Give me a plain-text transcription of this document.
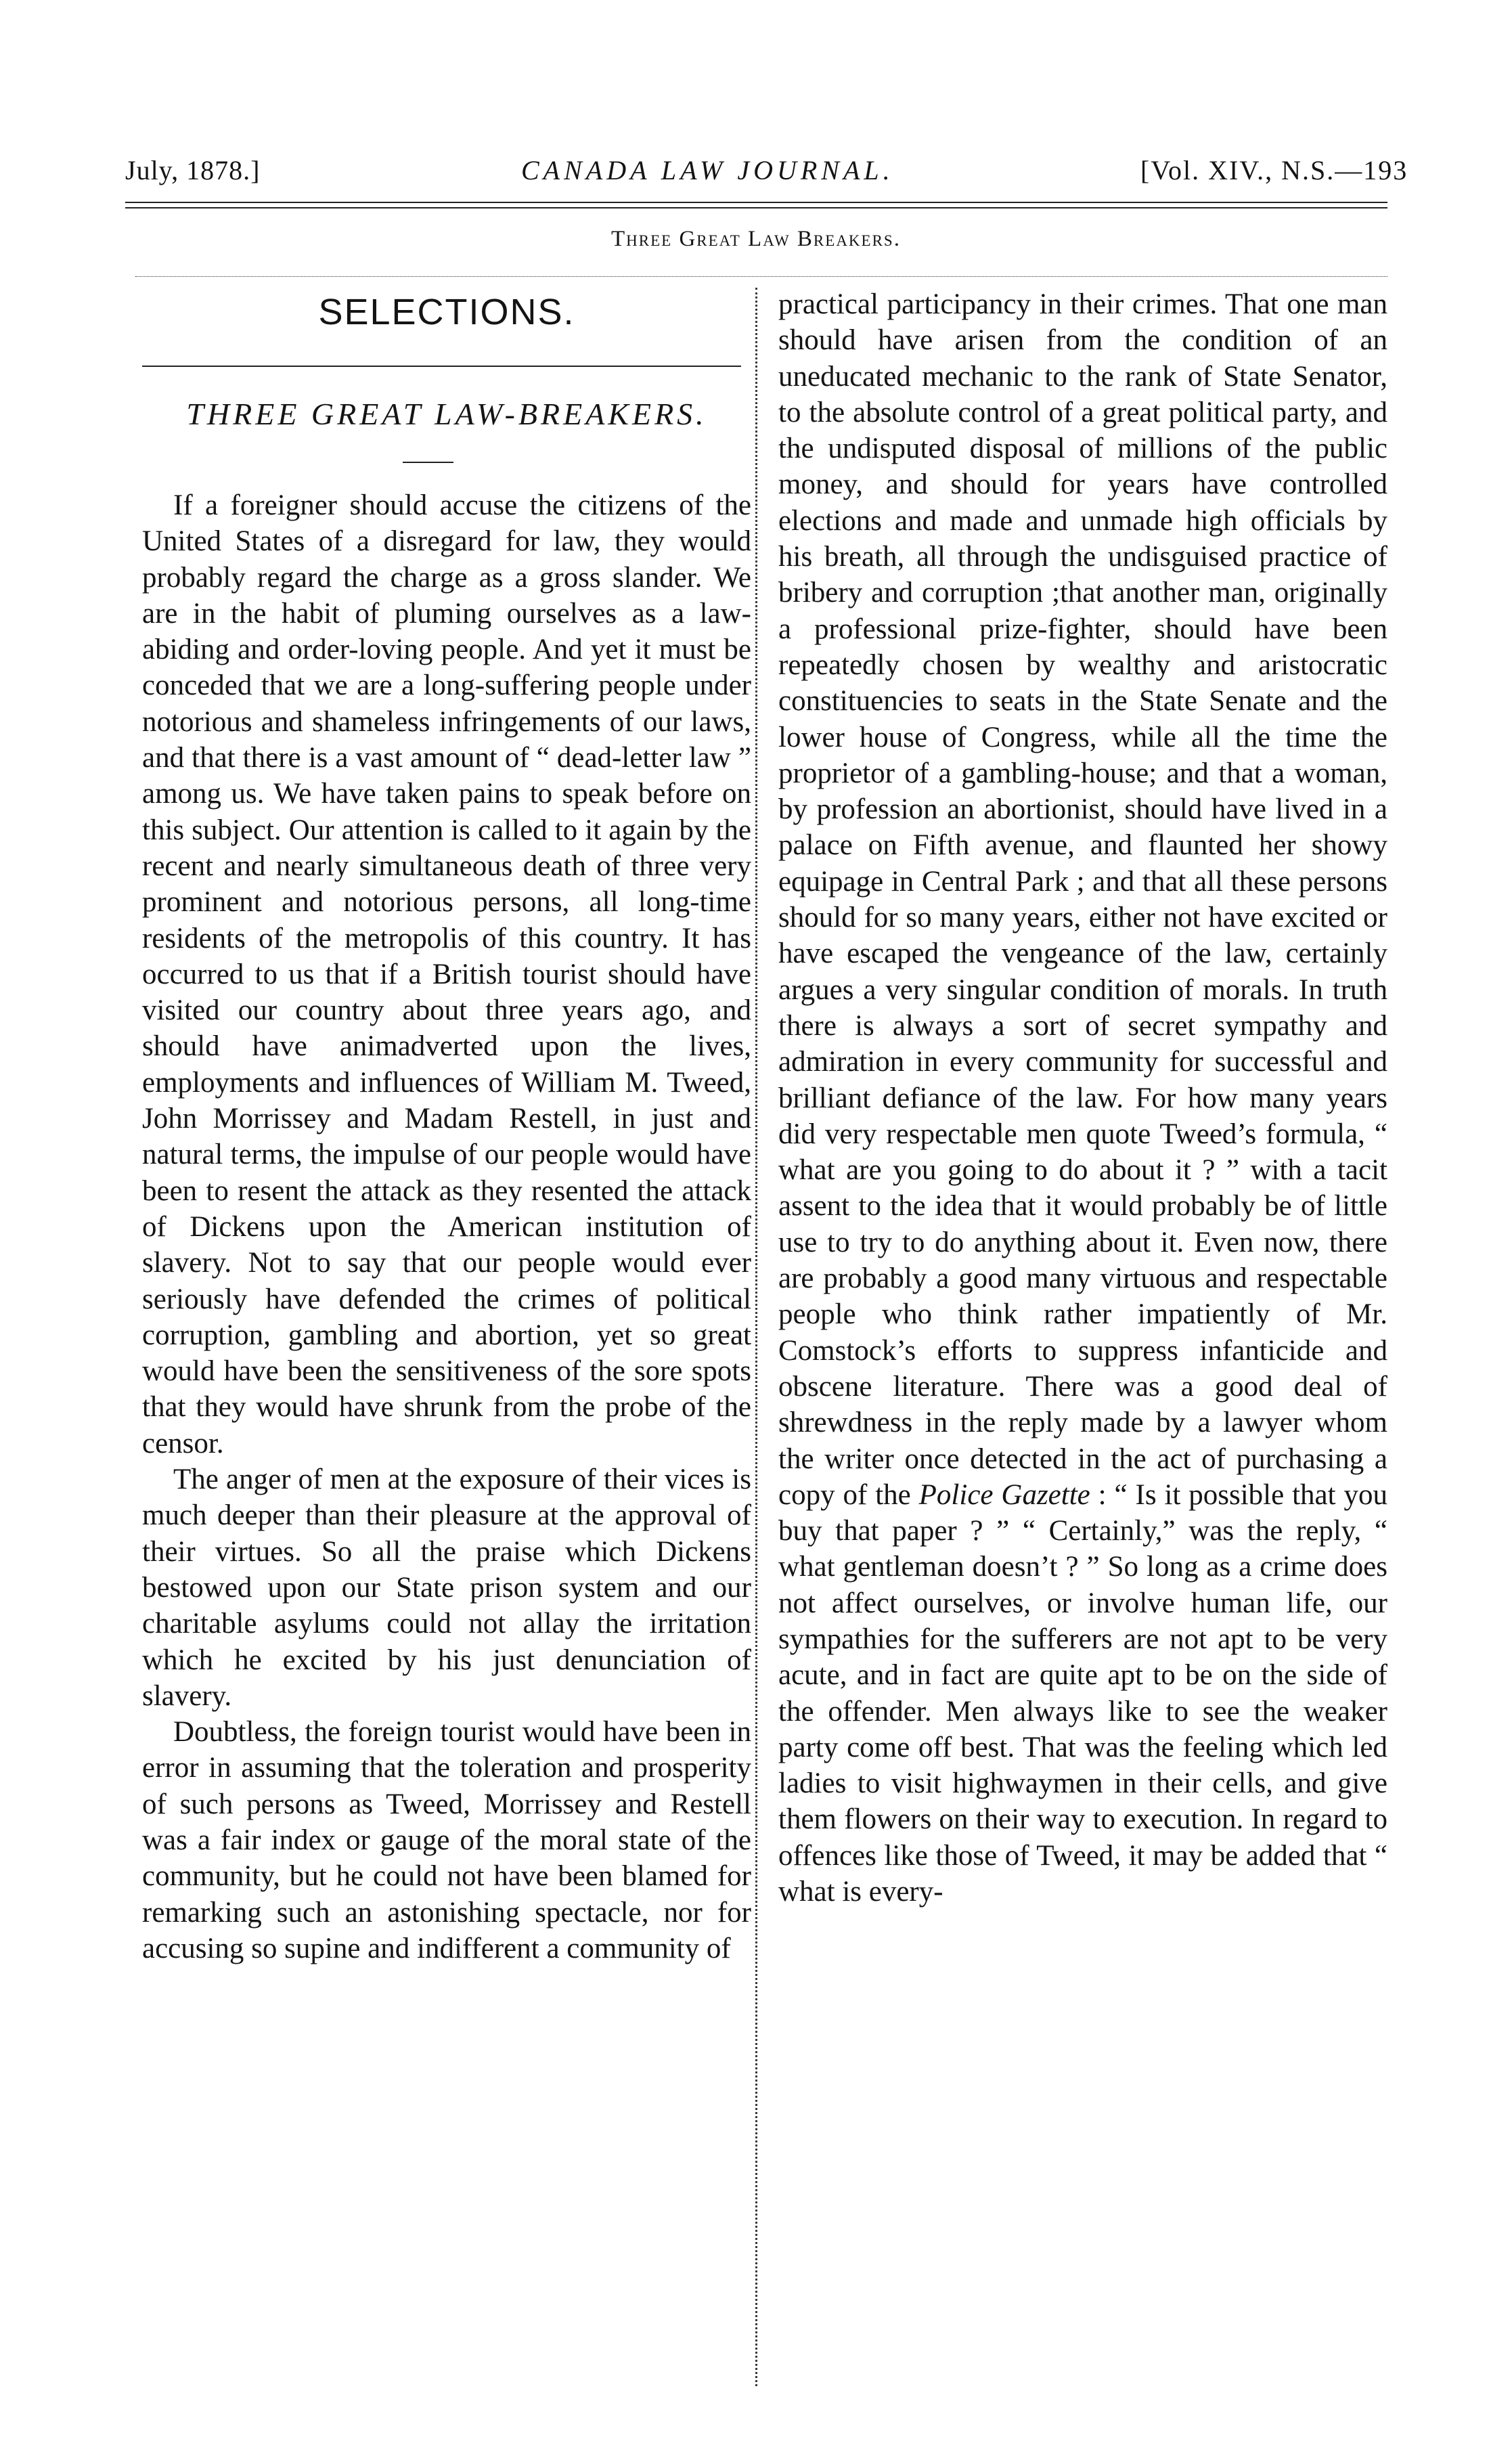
July, 1878.]	CANADA LAW JOURNAL.	[Vol. XIV., N.S.—193
Three Great Law Breakers.
SELECTIONS.
THREE GREAT LAW-BREAKERS.

If a foreigner should accuse the citizens of the United States of a disregard for law, they would probably regard the charge as a gross slander. We are in the habit of pluming ourselves as a law-abiding and order-loving people. And yet it must be conceded that we are a long-suffering people under notorious and shameless infringements of our laws, and that there is a vast amount of “ dead-letter law ” among us. We have taken pains to speak before on this subject. Our attention is called to it again by the recent and nearly simultaneous death of three very prominent and notorious persons, all long-time residents of the metropolis of this country. It has occurred to us that if a British tourist should have visited our country about three years ago, and should have animadverted upon the lives, employments and influences of William M. Tweed, John Morrissey and Madam Restell, in just and natural terms, the impulse of our people would have been to resent the attack as they resented the attack of Dickens upon the American institution of slavery. Not to say that our people would ever seriously have defended the crimes of political corruption, gambling and abortion, yet so great would have been the sensitiveness of the sore spots that they would have shrunk from the probe of the censor.

The anger of men at the exposure of their vices is much deeper than their pleasure at the approval of their virtues. So all the praise which Dickens bestowed upon our State prison system and our charitable asylums could not allay the irritation which he excited by his just denunciation of slavery.

Doubtless, the foreign tourist would have been in error in assuming that the toleration and prosperity of such persons as Tweed, Morrissey and Restell was a fair index or gauge of the moral state of the community, but he could not have been blamed for remarking such an astonishing spectacle, nor for accusing so supine and indifferent a community of

practical participancy in their crimes. That one man should have arisen from the condition of an uneducated mechanic to the rank of State Senator, to the absolute control of a great political party, and the undisputed disposal of millions of the public money, and should for years have controlled elections and made and unmade high officials by his breath, all through the undisguised practice of bribery and corruption ;that another man, originally a professional prize-fighter, should have been repeatedly chosen by wealthy and aristocratic constituencies to seats in the State Senate and the lower house of Congress, while all the time the proprietor of a gambling-house; and that a woman, by profession an abortionist, should have lived in a palace on Fifth avenue, and flaunted her showy equipage in Central Park ; and that all these persons should for so many years, either not have excited or have escaped the vengeance of the law, certainly argues a very singular condition of morals. In truth there is always a sort of secret sympathy and admiration in every community for successful and brilliant defiance of the law. For how many years did very respectable men quote Tweed’s formula, “ what are you going to do about it ? ” with a tacit assent to the idea that it would probably be of little use to try to do anything about it. Even now, there are probably a good many virtuous and respectable people who think rather impatiently of Mr. Comstock’s efforts to suppress infanticide and obscene literature. There was a good deal of shrewdness in the reply made by a lawyer whom the writer once detected in the act of purchasing a copy of the Police Gazette : “ Is it possible that you buy that paper ? ” “ Certainly,” was the reply, “ what gentleman doesn’t ? ” So long as a crime does not affect ourselves, or involve human life, our sympathies for the sufferers are not apt to be very acute, and in fact are quite apt to be on the side of the offender. Men always like to see the weaker party come off best. That was the feeling which led ladies to visit highwaymen in their cells, and give them flowers on their way to execution. In regard to offences like those of Tweed, it may be added that “ what is every-
